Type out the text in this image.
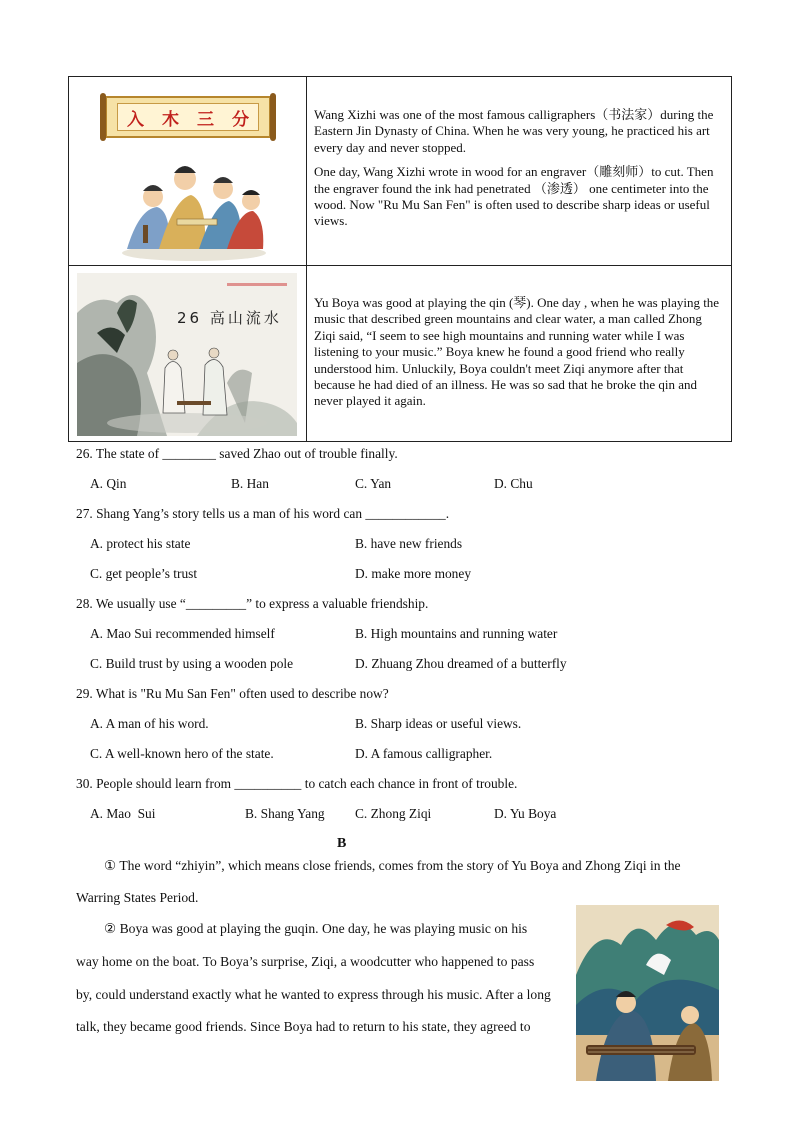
入 木 三 分	Wang Xizhi was one of the most famous calligraphers（书法家）during the Eastern Jin Dynasty of China. When he was very young, he practiced his art every day and never stopped.

One day, Wang Xizhi wrote in wood for an engraver（雕刻师）to cut. Then the engraver found the ink had penetrated （渗透） one centimeter into the wood. Now "Ru Mu San Fen" is often used to describe sharp ideas or useful views.

26 高山流水

Yu Boya was good at playing the qin (琴). One day , when he was playing the music that described green mountains and clear water, a man called Zhong Ziqi said, “I seem to see high mountains and running water while I was listening to your music.” Boya knew he found a good friend who really understood him. Unluckily, Boya couldn't meet Ziqi anymore after that because he had died of an illness. He was so sad that he broke the qin and never played it again.

26. The state of ________ saved Zhao out of trouble finally.
A. Qin	B. Han	C. Yan	D. Chu
27. Shang Yang’s story tells us a man of his word can ____________.
A. protect his state	B. have new friends
C. get people’s trust	D. make more money
28. We usually use “_________” to express a valuable friendship.
A. Mao Sui recommended himself	B. High mountains and running water
C. Build trust by using a wooden pole	D. Zhuang Zhou dreamed of a butterfly
29. What is "Ru Mu San Fen" often used to describe now?
A. A man of his word.	B. Sharp ideas or useful views.
C. A well-known hero of the state.	D. A famous calligrapher.
30. People should learn from __________ to catch each chance in front of trouble.
A. Mao  Sui	B. Shang Yang C. Zhong Ziqi	D. Yu Boya
B
① The word “zhiyin”, which means close friends, comes from the story of Yu Boya and Zhong Ziqi in the
Warring States Period.
② Boya was good at playing the guqin. One day, he was playing music on his
way home on the boat. To Boya’s surprise, Ziqi, a woodcutter who happened to pass
by, could understand exactly what he wanted to express through his music. After a long
talk, they became good friends. Since Boya had to return to his state, they agreed to
